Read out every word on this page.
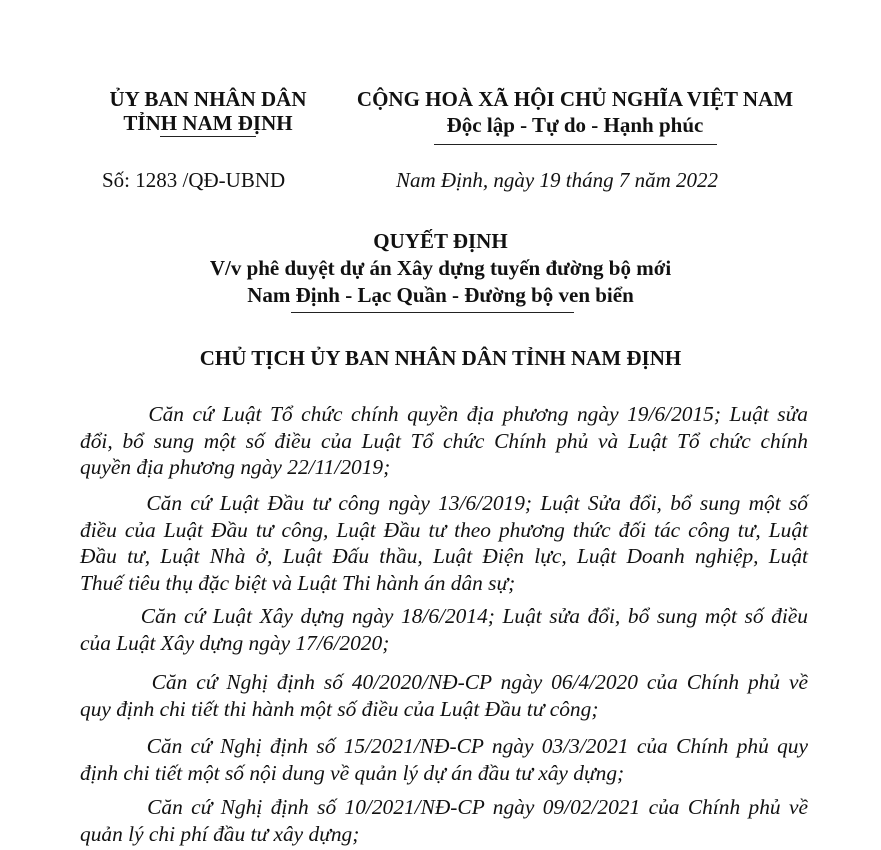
ỦY BAN NHÂN DÂN
TỈNH NAM ĐỊNH
CỘNG HOÀ XÃ HỘI CHỦ NGHĨA VIỆT NAM
Độc lập - Tự do - Hạnh phúc
Số: 1283 /QĐ-UBND	Nam Định, ngày 19 tháng 7 năm 2022
QUYẾT ĐỊNH
V/v phê duyệt dự án Xây dựng tuyến đường bộ mới
Nam Định - Lạc Quần - Đường bộ ven biển
CHỦ TỊCH ỦY BAN NHÂN DÂN TỈNH NAM ĐỊNH
Căn cứ Luật Tổ chức chính quyền địa phương ngày 19/6/2015; Luật sửa
đổi, bổ sung một số điều của Luật Tổ chức Chính phủ và Luật Tổ chức chính
quyền địa phương ngày 22/11/2019;
Căn cứ Luật Đầu tư công ngày 13/6/2019; Luật Sửa đổi, bổ sung một số
điều của Luật Đầu tư công, Luật Đầu tư theo phương thức đối tác công tư, Luật
Đầu tư, Luật Nhà ở, Luật Đấu thầu, Luật Điện lực, Luật Doanh nghiệp, Luật
Thuế tiêu thụ đặc biệt và Luật Thi hành án dân sự;
Căn cứ Luật Xây dựng ngày 18/6/2014; Luật sửa đổi, bổ sung một số điều
của Luật Xây dựng ngày 17/6/2020;
Căn cứ Nghị định số 40/2020/NĐ-CP ngày 06/4/2020 của Chính phủ về
quy định chi tiết thi hành một số điều của Luật Đầu tư công;
Căn cứ Nghị định số 15/2021/NĐ-CP ngày 03/3/2021 của Chính phủ quy
định chi tiết một số nội dung về quản lý dự án đầu tư xây dựng;
Căn cứ Nghị định số 10/2021/NĐ-CP ngày 09/02/2021 của Chính phủ về
quản lý chi phí đầu tư xây dựng;
